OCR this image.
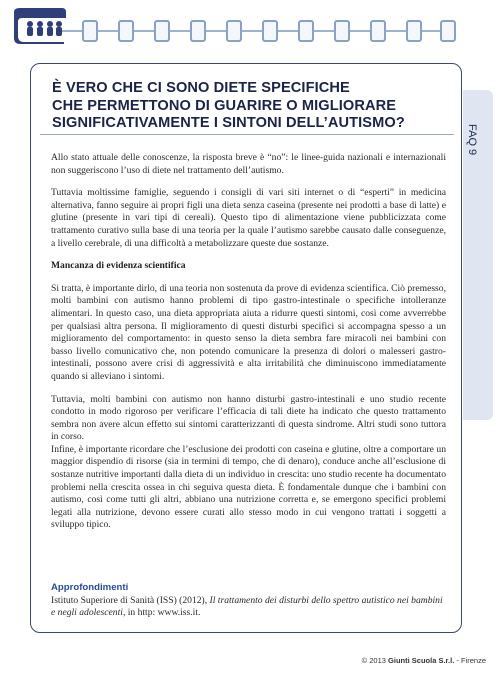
FAQ 9
È VERO CHE CI SONO DIETE SPECIFICHE
CHE PERMETTONO DI GUARIRE O MIGLIORARE
SIGNIFICATIVAMENTE I SINTONI DELL’AUTISMO?

Allo stato attuale delle conoscenze, la risposta breve è “no”: le linee-guida nazionali e internazionali non suggeriscono l’uso di diete nel trattamento dell’autismo.

Tuttavia moltissime famiglie, seguendo i consigli di vari siti internet o di “esperti” in medicina alternativa, fanno seguire ai propri figli una dieta senza caseina (presente nei prodotti a base di latte) e glutine (presente in vari tipi di cereali). Questo tipo di alimentazione viene pubblicizzata come trattamento curativo sulla base di una teoria per la quale l’autismo sarebbe causato dalle conseguenze, a livello cerebrale, di una difficoltà a metabolizzare queste due sostanze.

Mancanza di evidenza scientifica

Si tratta, è importante dirlo, di una teoria non sostenuta da prove di evidenza scientifica. Ciò premesso, molti bambini con autismo hanno problemi di tipo gastro-intestinale o specifiche intolleranze alimentari. In questo caso, una dieta appropriata aiuta a ridurre questi sintomi, così come avverrebbe per qualsiasi altra persona. Il miglioramento di questi disturbi specifici si accompagna spesso a un miglioramento del comportamento: in questo senso la dieta sembra fare miracoli nei bambini con basso livello comunicativo che, non potendo comunicare la presenza di dolori o malesseri gastro-intestinali, possono avere crisi di aggressività e alta irritabilità che diminuiscono immediatamente quando si alleviano i sintomi.

Tuttavia, molti bambini con autismo non hanno disturbi gastro-intestinali e uno studio recente condotto in modo rigoroso per verificare l’efficacia di tali diete ha indicato che questo trattamento sembra non avere alcun effetto sui sintomi caratterizzanti di questa sindrome. Altri studi sono tuttora in corso.

Infine, è importante ricordare che l’esclusione dei prodotti con caseina e glutine, oltre a comportare un maggior dispendio di risorse (sia in termini di tempo, che di denaro), conduce anche all’esclusione di sostanze nutritive importanti dalla dieta di un individuo in crescita: uno studio recente ha documentato problemi nella crescita ossea in chi seguiva questa dieta. È fondamentale dunque che i bambini con autismo, così come tutti gli altri, abbiano una nutrizione corretta e, se emergono specifici problemi legati alla nutrizione, devono essere curati allo stesso modo in cui vengono trattati i soggetti a sviluppo tipico.

Approfondimenti

Istituto Superiore di Sanità (ISS) (2012), Il trattamento dei disturbi dello spettro autistico nei bambini e negli adolescenti, in http: www.iss.it.

© 2013 Giunti Scuola S.r.l. - Firenze
